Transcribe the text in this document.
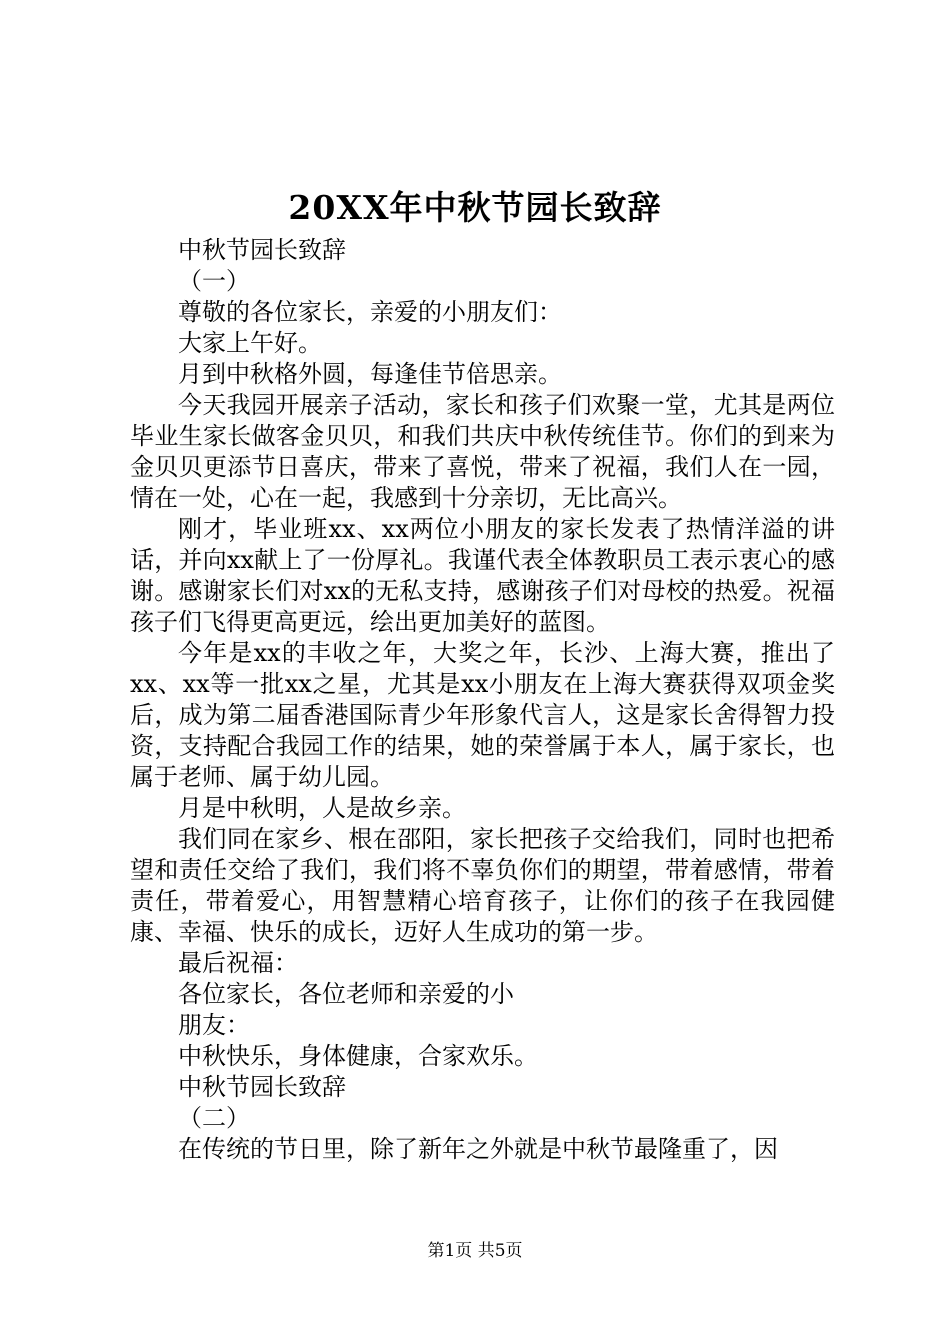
20XX年中秋节园长致辞

中秋节园长致辞

（一）

尊敬的各位家长，亲爱的小朋友们：

大家上午好。

月到中秋格外圆，每逢佳节倍思亲。

今天我园开展亲子活动，家长和孩子们欢聚一堂，尤其是两位毕业生家长做客金贝贝，和我们共庆中秋传统佳节。你们的到来为金贝贝更添节日喜庆，带来了喜悦，带来了祝福，我们人在一园，情在一处，心在一起，我感到十分亲切，无比高兴。

刚才，毕业班xx、xx两位小朋友的家长发表了热情洋溢的讲话，并向xx献上了一份厚礼。我谨代表全体教职员工表示衷心的感谢。感谢家长们对xx的无私支持，感谢孩子们对母校的热爱。祝福孩子们飞得更高更远，绘出更加美好的蓝图。

今年是xx的丰收之年，大奖之年，长沙、上海大赛，推出了xx、xx等一批xx之星，尤其是xx小朋友在上海大赛获得双项金奖后，成为第二届香港国际青少年形象代言人，这是家长舍得智力投资，支持配合我园工作的结果，她的荣誉属于本人，属于家长，也属于老师、属于幼儿园。

月是中秋明，人是故乡亲。

我们同在家乡、根在邵阳，家长把孩子交给我们，同时也把希望和责任交给了我们，我们将不辜负你们的期望，带着感情，带着责任，带着爱心，用智慧精心培育孩子，让你们的孩子在我园健康、幸福、快乐的成长，迈好人生成功的第一步。

最后祝福：

各位家长，各位老师和亲爱的小

朋友：

中秋快乐，身体健康，合家欢乐。

中秋节园长致辞

（二）

在传统的节日里，除了新年之外就是中秋节最隆重了，因

第1页 共5页
